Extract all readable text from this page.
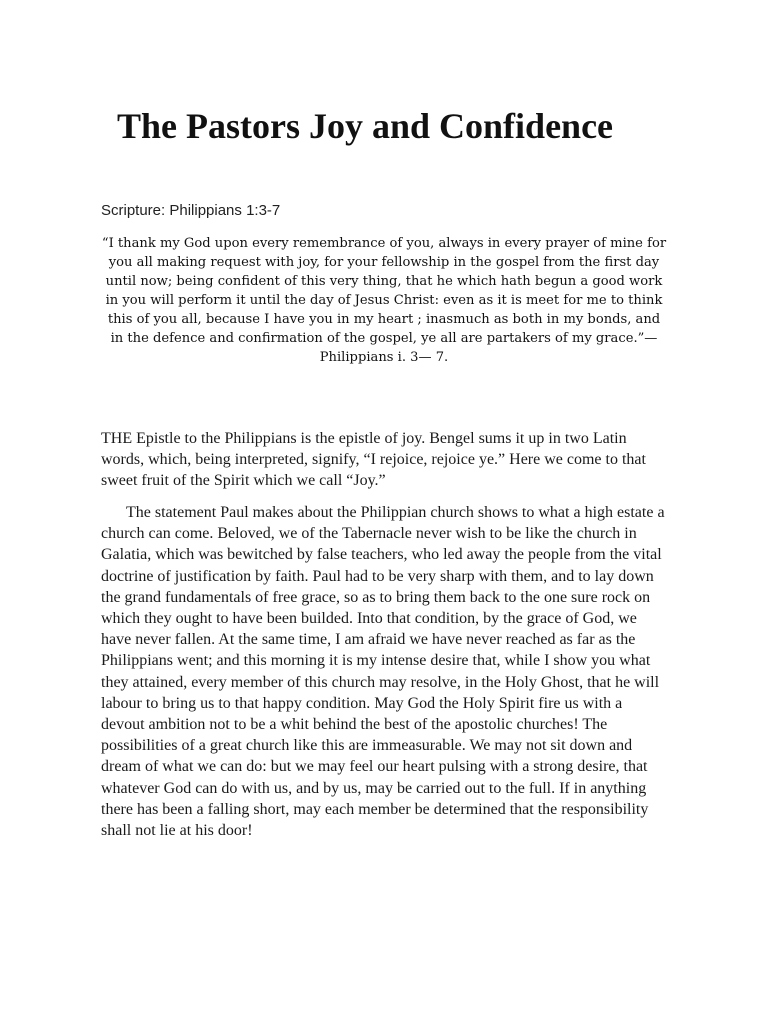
The Pastors Joy and Confidence

Scripture: Philippians 1:3-7

“I thank my God upon every remembrance of you, always in every prayer of mine for you all making request with joy, for your fellowship in the gospel from the first day until now; being confident of this very thing, that he which hath begun a good work in you will perform it until the day of Jesus Christ: even as it is meet for me to think this of you all, because I have you in my heart ; inasmuch as both in my bonds, and in the defence and confirmation of the gospel, ye all are partakers of my grace.”— Philippians i. 3— 7.

THE Epistle to the Philippians is the epistle of joy. Bengel sums it up in two Latin words, which, being interpreted, signify, “I rejoice, rejoice ye.” Here we come to that sweet fruit of the Spirit which we call “Joy.”

The statement Paul makes about the Philippian church shows to what a high estate a church can come. Beloved, we of the Tabernacle never wish to be like the church in Galatia, which was bewitched by false teachers, who led away the people from the vital doctrine of justification by faith. Paul had to be very sharp with them, and to lay down the grand fundamentals of free grace, so as to bring them back to the one sure rock on which they ought to have been builded. Into that condition, by the grace of God, we have never fallen. At the same time, I am afraid we have never reached as far as the Philippians went; and this morning it is my intense desire that, while I show you what they attained, every member of this church may resolve, in the Holy Ghost, that he will labour to bring us to that happy condition. May God the Holy Spirit fire us with a devout ambition not to be a whit behind the best of the apostolic churches! The possibilities of a great church like this are immeasurable. We may not sit down and dream of what we can do: but we may feel our heart pulsing with a strong desire, that whatever God can do with us, and by us, may be carried out to the full. If in anything there has been a falling short, may each member be determined that the responsibility shall not lie at his door!
